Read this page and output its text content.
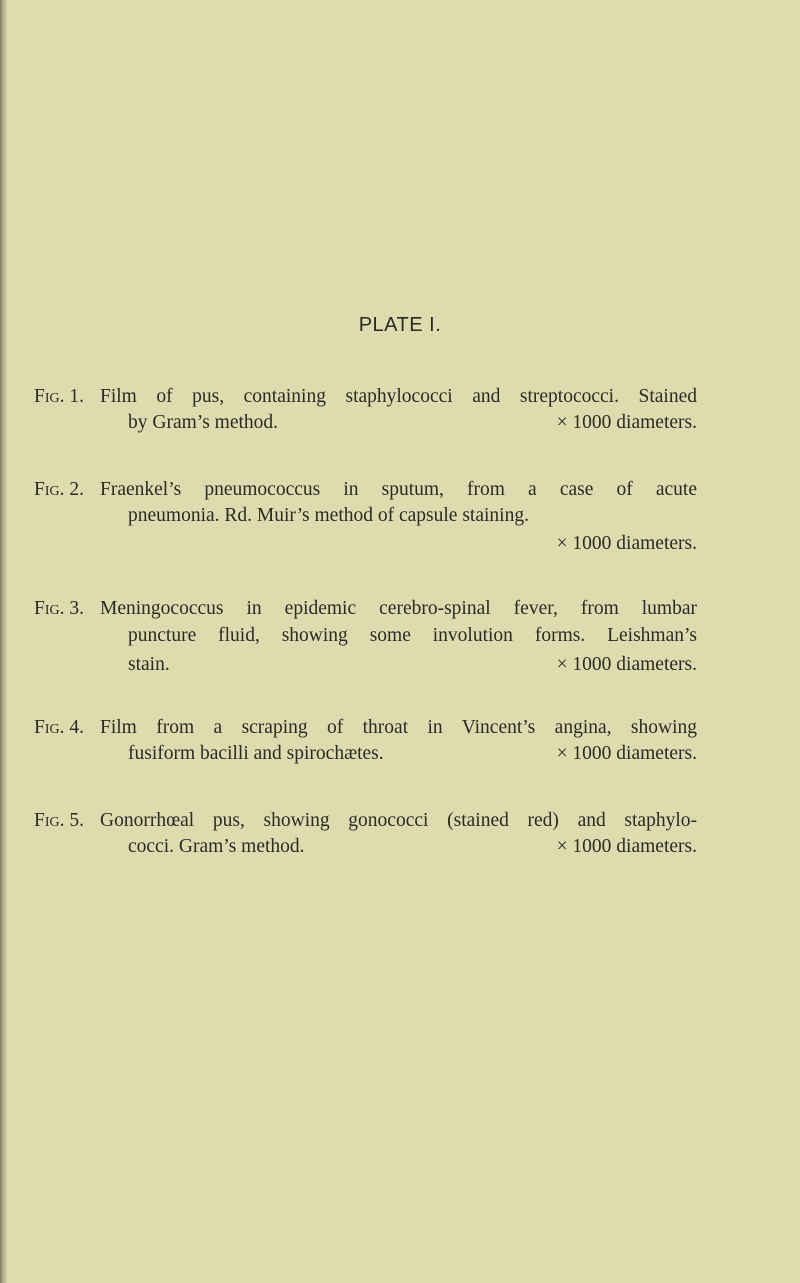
PLATE I.
Fig. 1. Film of pus, containing staphylococci and streptococci. Stained
by Gram’s method.	× 1000 diameters.
Fig. 2. Fraenkel’s pneumococcus in sputum, from a case of acute
pneumonia. Rd. Muir’s method of capsule staining.
× 1000 diameters.
Fig. 3. Meningococcus in epidemic cerebro-spinal fever, from lumbar
puncture fluid, showing some involution forms. Leishman’s
stain.	× 1000 diameters.
Fig. 4. Film from a scraping of throat in Vincent’s angina, showing
fusiform bacilli and spirochætes.	× 1000 diameters.
Fig. 5. Gonorrhœal pus, showing gonococci (stained red) and staphylo-
cocci. Gram’s method.	× 1000 diameters.
